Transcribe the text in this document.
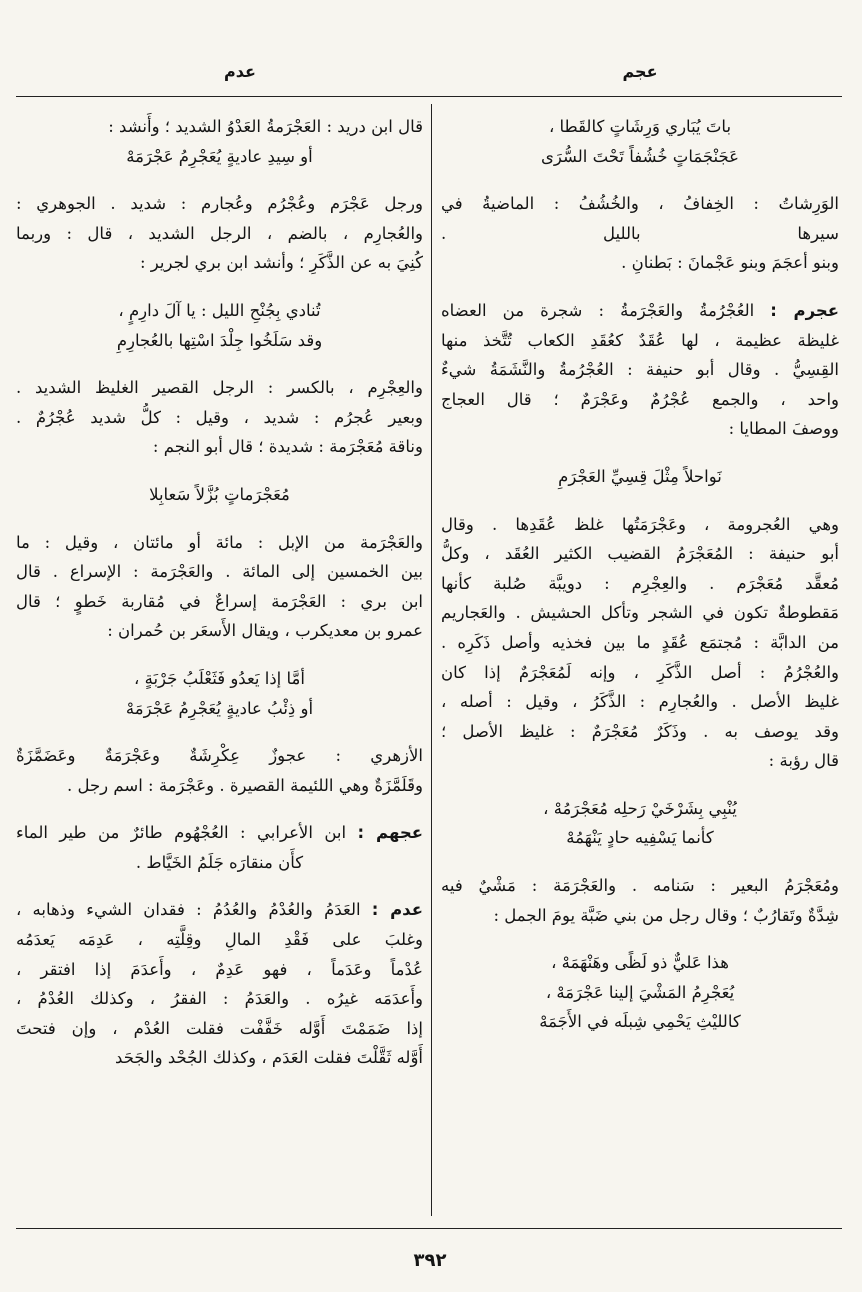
عجم
عدم
باتَ يُبَاري وَرِشَاتٍ كالقَطا ،
عَجَنْجَمَاتٍ خُشُفاً تَحْتَ السُّرَى
الوَرِشاتُ : الخِفافُ ، والخُشُفُ : الماضيةُ في
سيرها بالليل .
وبنو أعجَمَ وبنو عَجْمانَ : بَطنانِ .
عجرم : العُجْرُمةُ والعَجْرَمةُ : شجرة من العضاه
غليظة عظيمة ، لها عُقَدٌ كعُقَدِ الكعاب تُتَّخذ منها
القِسِيُّ . وقال أبو حنيفة : العُجْرُمةُ والنَّشَمَةُ شيءٌ
واحد ، والجمع عُجْرُمٌ وعَجْرَمٌ ؛ قال العجاج
ووصفَ المطايا :
نَواحلاً مِثْلَ قِسِيِّ العَجْرَمِ
وهي العُجرومة ، وعَجْرَمَتُها غلظ عُقَدِها . وقال
أبو حنيفة : المُعَجْرَمُ القضيب الكثير العُقَد ، وكلُّ
مُعقَّد مُعَجْرَم . والعِجْرِم : دويبَّة صُلبة كأنها
مَقطوطةٌ تكون في الشجر وتأكل الحشيش . والعَجاريم
من الدابَّة : مُجتمَع عُقَدٍ ما بين فخذيه وأصل ذَكَرِه .
والعُجْرُمُ : أصل الذَّكَرِ ، وإنه لَمُعَجْرَمٌ إذا كان
غليظ الأصل . والعُجارِم : الذَّكَرُ ، وقيل : أصله ،
وقد يوصف به . وذَكَرٌ مُعَجْرَمٌ : غليظ الأصل ؛
قال رؤبة :
يُنْبِي بِشَرْخَيْ رَحلِه مُعَجْرَمُهْ ،
كأنما يَسْفِيه حادٍ يَنْهَمُهْ
ومُعَجْرَمُ البعير : سَنامه . والعَجْرَمَة : مَشْيٌ فيه
شِدَّةٌ وتَقارُبٌ ؛ وقال رجل من بني ضَبَّة يومَ الجمل :
هذا عَليٌّ ذو لَظًى وهَنْهَمَهْ ،
يُعَجْرِمُ المَشْيَ إلينا عَجْرَمَهْ ،
كالليْثِ يَحْمِي شِبلَه في الأَجَمَهْ
قال ابن دريد : العَجْرَمةُ العَدْوُ الشديد ؛ وأَنشد :
أو سِيدِ عاديةٍ يُعَجْرِمُ عَجْرَمَهْ
ورجل عَجْرَم وعُجْرُم وعُجارم : شديد . الجوهري :
والعُجارِم ، بالضم ، الرجل الشديد ، قال : وربما
كُنِيَ به عن الذَّكَرِ ؛ وأنشد ابن بري لجرير :
تُنادي بِجُنْحِ الليل : يا آلَ دارِمٍ ،
وقد سَلَخُوا جِلْدَ اسْتِها بالعُجارِمِ
والعِجْرِم ، بالكسر : الرجل القصير الغليظ الشديد .
وبعير عُجرُم : شديد ، وقيل : كلُّ شديد عُجْرُمٌ .
وناقة مُعَجْرَمة : شديدة ؛ قال أبو النجم :
مُعَجْرَماتٍ بُزَّلاً سَعابِلا
والعَجْرَمة من الإبل : مائة أو مائتان ، وقيل : ما
بين الخمسين إلى المائة . والعَجْرَمة : الإسراع . قال
ابن بري : العَجْرَمة إسراعٌ في مُقاربة خَطوٍ ؛ قال
عمرو بن معديكرب ، ويقال الأَسعَر بن حُمران :
أمَّا إذا يَعدُو فَثَعْلَبُ جَرْبَةٍ ،
أو ذِئْبُ عاديةٍ يُعَجْرِمُ عَجْرَمَهْ
الأزهري : عجوزٌ عِكْرِشَةٌ وعَجْرَمَةٌ وعَضَمَّزَةٌ
وقَلَمَّزَةٌ وهي اللئيمة القصيرة . وعَجْرَمة : اسم رجل .
عجهم : ابن الأعرابي : العُجْهُوم طائرٌ من طير الماء
كأَن منقارَه جَلَمُ الخَيَّاط .
عدم : العَدَمُ والعُدْمُ والعُدُمُ : فقدان الشيء وذهابه ،
وغلبَ على فَقْدِ المالِ وقِلَّتِه ، عَدِمَه يَعدَمُه
عُدْماً وعَدَماً ، فهو عَدِمٌ ، وأَعدَمَ إذا افتقر ،
وأَعدَمَه غيرُه . والعَدَمُ : الفقرُ ، وكذلك العُدْمُ ،
إذا ضَمَمْتَ أَوَّله خَفَّفْت فقلت العُدْم ، وإن فتحتَ
أَوَّله ثَقَّلْتَ فقلت العَدَم ، وكذلك الجُحْد والجَحَد
٣٩٢
